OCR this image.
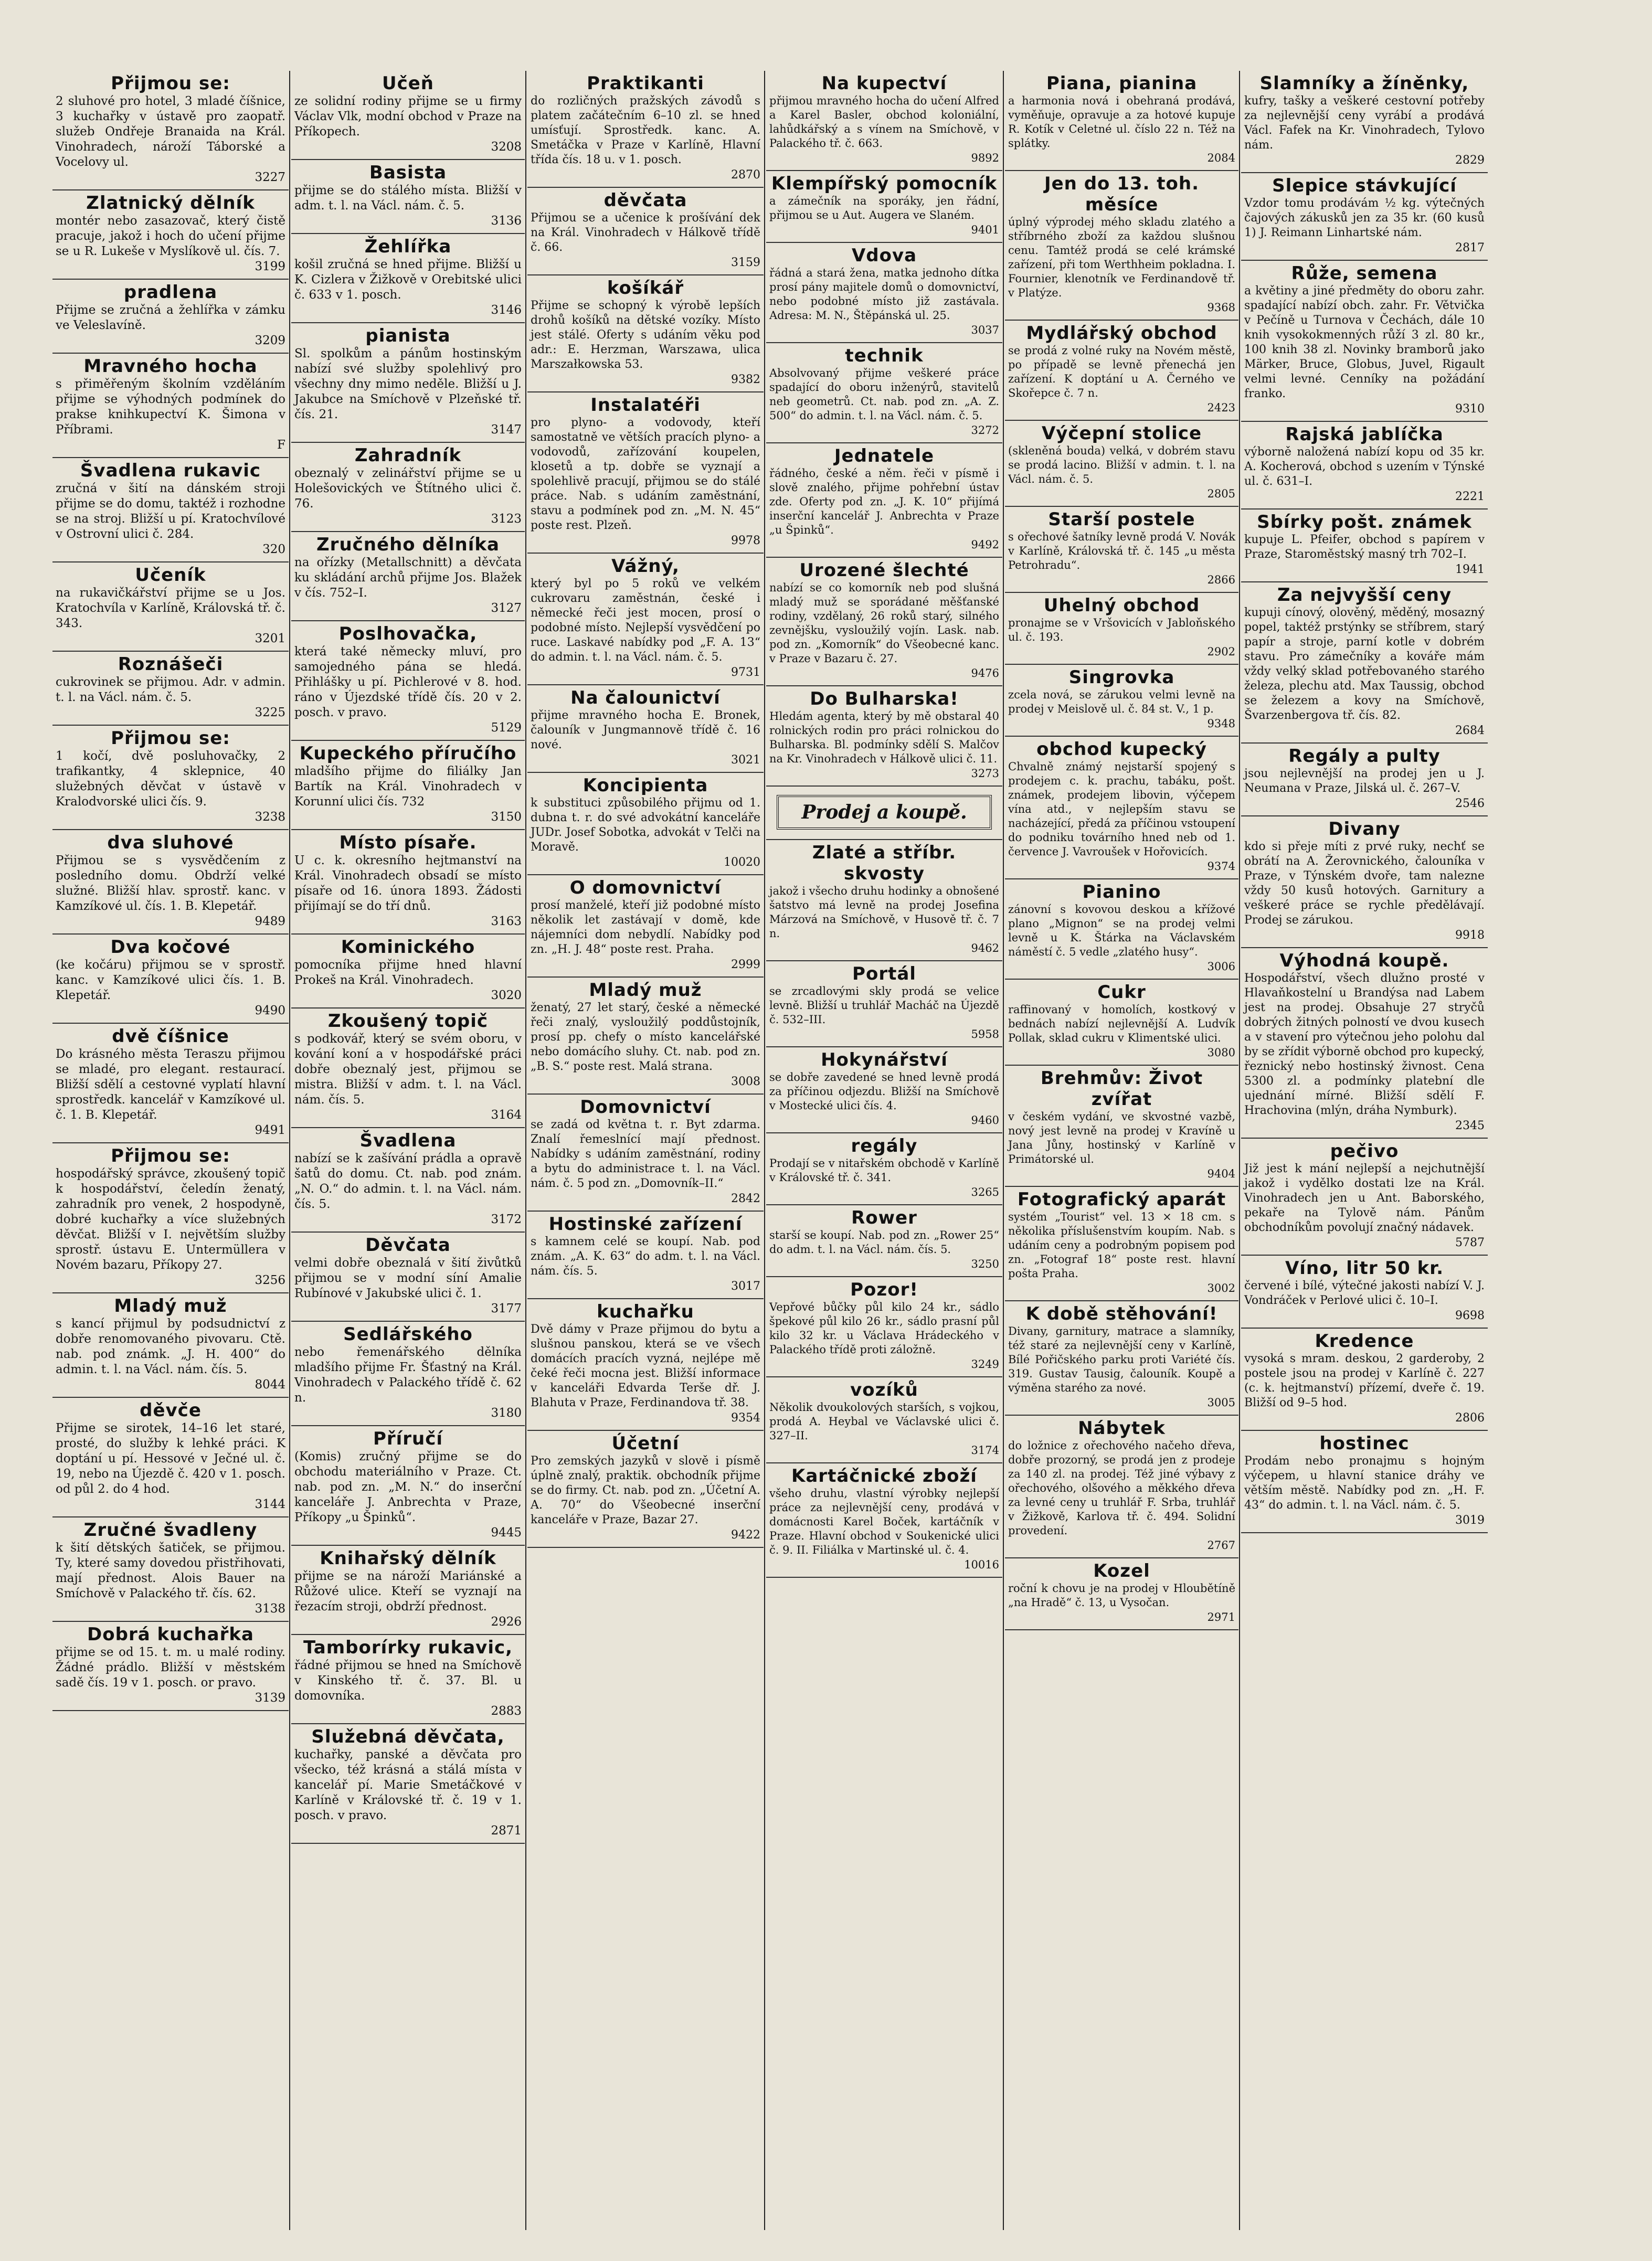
Přijmou se:

2 sluhové pro hotel, 3 mladé číšnice, 3 kuchařky v ústavě pro zaopatř. služeb Ondřeje Branaida na Král. Vinohradech, nároží Táborské a Vocelovy ul.

3227
Zlatnický dělník

montér nebo zasazovač, který čistě pracuje, jakož i hoch do učení přijme se u R. Lukeše v Myslíkově ul. čís. 7.

3199
pradlena

Přijme se zručná a žehlířka v zámku ve Veleslavíně.

3209
Mravného hocha

s přiměřeným školním vzděláním přijme se výhodných podmínek do prakse knihkupectví K. Šimona v Příbrami.

F
Švadlena rukavic

zručná v šití na dánském stroji přijme se do domu, taktéž i rozhodne se na stroj. Bližší u pí. Kratochvílové v Ostrovní ulici č. 284.

320
Učeník

na rukavičkářství přijme se u Jos. Kratochvíla v Karlíně, Královská tř. č. 343.

3201
Roznášeči

cukrovinek se přijmou. Adr. v admin. t. l. na Václ. nám. č. 5.

3225
Přijmou se:

1 kočí, dvě posluhovačky, 2 trafikantky, 4 sklepnice, 40 služebných děvčat v ústavě v Kralodvorské ulici čís. 9.

3238
dva sluhové

Přijmou se s vysvědčením z posledního domu. Obdrží velké služné. Bližší hlav. sprostř. kanc. v Kamzíkové ul. čís. 1. B. Klepetář.

9489
Dva kočové

(ke kočáru) přijmou se v sprostř. kanc. v Kamzíkové ulici čís. 1. B. Klepetář.

9490
dvě číšnice

Do krásného města Teraszu přijmou se mladé, pro elegant. restaurací. Bližší sdělí a cestovné vyplatí hlavní sprostředk. kancelář v Kamzíkové ul. č. 1. B. Klepetář.

9491
Přijmou se:

hospodářský správce, zkoušený topič k hospodářství, čeledín ženatý, zahradník pro venek, 2 hospodyně, dobré kuchařky a více služebných děvčat. Bližší v I. největším služby sprostř. ústavu E. Untermüllera v Novém bazaru, Příkopy 27.

3256
Mladý muž

s kancí přijmul by podsudnictví z dobře renomovaného pivovaru. Ctě. nab. pod známk. „J. H. 400“ do admin. t. l. na Václ. nám. čís. 5.

8044
děvče

Přijme se sirotek, 14–16 let staré, prosté, do služby k lehké práci. K doptání u pí. Hessové v Ječné ul. č. 19, nebo na Újezdě č. 420 v 1. posch. od půl 2. do 4 hod.

3144
Zručné švadleny

k šití dětských šatiček, se přijmou. Ty, které samy dovedou přistřihovati, mají přednost. Alois Bauer na Smíchově v Palackého tř. čís. 62.

3138
Dobrá kuchařka

přijme se od 15. t. m. u malé rodiny. Žádné prádlo. Bližší v městském sadě čís. 19 v 1. posch. or pravo.

3139
Učeň

ze solidní rodiny přijme se u firmy Václav Vlk, modní obchod v Praze na Příkopech.

3208
Basista

přijme se do stálého místa. Bližší v adm. t. l. na Václ. nám. č. 5.

3136
Žehlířka

košil zručná se hned přijme. Bližší u K. Cizlera v Žižkově v Orebitské ulici č. 633 v 1. posch.

3146
pianista

Sl. spolkům a pánům hostinským nabízí své služby spolehlivý pro všechny dny mimo neděle. Bližší u J. Jakubce na Smíchově v Plzeňské tř. čís. 21.

3147
Zahradník

obeznalý v zelinářství přijme se u Holešovických ve Štítného ulici č. 76.

3123
Zručného dělníka

na ořízky (Metallschnitt) a děvčata ku skládání archů přijme Jos. Blažek v čís. 752–I.

3127
Poslhovačka,

která také německy mluví, pro samojedného pána se hledá. Přihlášky u pí. Pichlerové v 8. hod. ráno v Újezdské třídě čís. 20 v 2. posch. v pravo.

5129
Kupeckého příručího

mladšího přijme do filiálky Jan Bartík na Král. Vinohradech v Korunní ulici čís. 732

3150
Místo písaře.

U c. k. okresního hejtmanství na Král. Vinohradech obsadí se místo písaře od 16. února 1893. Žádosti přijímají se do tří dnů.

3163
Kominického

pomocníka přijme hned hlavní Prokeš na Král. Vinohradech.

3020
Zkoušený topič

s podkovář, který se svém oboru, v kování koní a v hospodářské práci dobře obeznalý jest, přijmou se mistra. Bližší v adm. t. l. na Václ. nám. čís. 5.

3164
Švadlena

nabízí se k zašívání prádla a opravě šatů do domu. Ct. nab. pod znám. „N. O.“ do admin. t. l. na Václ. nám. čís. 5.

3172
Děvčata

velmi dobře obeznalá v šití živůtků přijmou se v modní síní Amalie Rubínové v Jakubské ulici č. 1.

3177
Sedlářského

nebo řemenářského dělníka mladšího přijme Fr. Šťastný na Král. Vinohradech v Palackého třídě č. 62 n.

3180
Příručí

(Komis) zručný přijme se do obchodu materiálního v Praze. Ct. nab. pod zn. „M. N.“ do inserční kanceláře J. Anbrechta v Praze, Příkopy „u Špinků“.

9445
Knihařský dělník

přijme se na nároží Mariánské a Růžové ulice. Kteří se vyznají na řezacím stroji, obdrží přednost.

2926
Tamborírky rukavic,

řádné přijmou se hned na Smíchově v Kinského tř. č. 37. Bl. u domovníka.

2883
Služebná děvčata,

kuchařky, panské a děvčata pro všecko, též krásná a stálá místa v kancelář pí. Marie Smetáčkové v Karlíně v Královské tř. č. 19 v 1. posch. v pravo.

2871
Praktikanti

do rozličných pražských závodů s platem začátečním 6–10 zl. se hned umísťují. Sprostředk. kanc. A. Smetáčka v Praze v Karlíně, Hlavní třída čís. 18 u. v 1. posch.

2870
děvčata

Přijmou se a učenice k prošívání dek na Král. Vinohradech v Hálkově třídě č. 66.

3159
košíkář

Přijme se schopný k výrobě lepších drohů košíků na dětské vozíky. Místo jest stálé. Oferty s udáním věku pod adr.: E. Herzman, Warszawa, ulica Marszałkowska 53.

9382
Instalatéři

pro plyno- a vodovody, kteří samostatně ve větších pracích plyno- a vodovodů, zařízování koupelen, klosetů a tp. dobře se vyznají a spolehlivě pracují, přijmou se do stálé práce. Nab. s udáním zaměstnání, stavu a podmínek pod zn. „M. N. 45“ poste rest. Plzeň.

9978
Vážný,

který byl po 5 roků ve velkém cukrovaru zaměstnán, české i německé řeči jest mocen, prosí o podobné místo. Nejlepší vysvědčení po ruce. Laskavé nabídky pod „F. A. 13“ do admin. t. l. na Václ. nám. č. 5.

9731
Na čalounictví

přijme mravného hocha E. Bronek, čalouník v Jungmannově třídě č. 16 nové.

3021
Koncipienta

k substituci způsobilého přijmu od 1. dubna t. r. do své advokátní kanceláře JUDr. Josef Sobotka, advokát v Telči na Moravě.

10020
O domovnictví

prosí manželé, kteří již podobné místo několik let zastávají v domě, kde nájemníci dom nebydlí. Nabídky pod zn. „H. J. 48“ poste rest. Praha.

2999
Mladý muž

ženatý, 27 let starý, české a německé řeči znalý, vysloužilý poddůstojník, prosí pp. chefy o místo kancelářské nebo domácího sluhy. Ct. nab. pod zn. „B. S.“ poste rest. Malá strana.

3008
Domovnictví

se zadá od května t. r. Byt zdarma. Znalí řemeslnící mají přednost. Nabídky s udáním zaměstnání, rodiny a bytu do administrace t. l. na Václ. nám. č. 5 pod zn. „Domovník–II.“

2842
Hostinské zařízení

s kamnem celé se koupí. Nab. pod znám. „A. K. 63“ do adm. t. l. na Václ. nám. čís. 5.

3017
kuchařku

Dvě dámy v Praze přijmou do bytu a slušnou panskou, která se ve všech domácích pracích vyzná, nejlépe mě čeké řeči mocna jest. Bližší informace v kanceláři Edvarda Terše dř. J. Blahuta v Praze, Ferdinandova tř. 38.

9354
Účetní

Pro zemských jazyků v slově i písmě úplně znalý, praktik. obchodník přijme se do firmy. Ct. nab. pod zn. „Účetní A. A. 70“ do Všeobecné inserční kanceláře v Praze, Bazar 27.

9422
Na kupectví

přijmou mravného hocha do učení Alfred a Karel Basler, obchod koloniální, lahůdkářský a s vínem na Smíchově, v Palackého tř. č. 663.

9892
Klempířský pomocník

a zámečník na sporáky, jen řádní, přijmou se u Aut. Augera ve Slaném.

9401
Vdova

řádná a stará žena, matka jednoho dítka prosí pány majitele domů o domovnictví, nebo podobné místo již zastávala. Adresa: M. N., Štěpánská ul. 25.

3037
technik

Absolvovaný přijme veškeré práce spadající do oboru inženýrů, stavitelů neb geometrů. Ct. nab. pod zn. „A. Z. 500“ do admin. t. l. na Václ. nám. č. 5.

3272
Jednatele

řádného, české a něm. řeči v písmě i slově znalého, přijme pohřební ústav zde. Oferty pod zn. „J. K. 10“ přijímá inserční kancelář J. Anbrechta v Praze „u Špinků“.

9492
Urozené šlechté

nabízí se co komorník neb pod slušná mladý muž se sporádané měšťanské rodiny, vzdělaný, 26 roků starý, silného zevnějšku, vysloužilý vojín. Lask. nab. pod zn. „Komorník“ do Všeobecné kanc. v Praze v Bazaru č. 27.

9476
Do Bulharska!

Hledám agenta, který by mě obstaral 40 rolnických rodin pro práci rolnickou do Bulharska. Bl. podmínky sdělí S. Malčov na Kr. Vinohradech v Hálkově ulici č. 11.

3273
Prodej a koupě.
Zlaté a stříbr. skvosty

jakož i všecho druhu hodinky a obnošené šatstvo má levně na prodej Josefina Márzová na Smíchově, v Husově tř. č. 7 n.

9462
Portál

se zrcadlovými skly prodá se velice levně. Bližší u truhlář Macháč na Újezdě č. 532–III.

5958
Hokynářství

se dobře zavedené se hned levně prodá za příčinou odjezdu. Bližší na Smíchově v Mostecké ulici čís. 4.

9460
regály

Prodají se v nitařském obchodě v Karlíně v Královské tř. č. 341.

3265
Rower

starší se koupí. Nab. pod zn. „Rower 25“ do adm. t. l. na Václ. nám. čís. 5.

3250
Pozor!

Vepřové bůčky půl kilo 24 kr., sádlo špekové půl kilo 26 kr., sádlo prasní půl kilo 32 kr. u Václava Hrádeckého v Palackého třídě proti záložně.

3249
vozíků

Několik dvoukolových starších, s vojkou, prodá A. Heybal ve Václavské ulici č. 327–II.

3174
Kartáčnické zboží

všeho druhu, vlastní výrobky nejlepší práce za nejlevnější ceny, prodává v domácnosti Karel Boček, kartáčník v Praze. Hlavní obchod v Soukenické ulici č. 9. II. Filiálka v Martinské ul. č. 4.

10016
Piana, pianina

a harmonia nová i obehraná prodává, vyměňuje, opravuje a za hotové kupuje R. Kotík v Celetné ul. číslo 22 n. Též na splátky.

2084
Jen do 13. toh. měsíce

úplný výprodej mého skladu zlatého a stříbrného zboží za každou slušnou cenu. Tamtéž prodá se celé krámské zařízení, při tom Werthheim pokladna. I. Fournier, klenotník ve Ferdinandově tř. v Platýze.

9368
Mydlářský obchod

se prodá z volné ruky na Novém městě, po případě se levně přenechá jen zařízení. K doptání u A. Černého ve Skořepce č. 7 n.

2423
Výčepní stolice

(skleněná bouda) velká, v dobrém stavu se prodá lacino. Bližší v admin. t. l. na Václ. nám. č. 5.

2805
Starší postele

s ořechové šatníky levně prodá V. Novák v Karlíně, Královská tř. č. 145 „u města Petrohradu“.

2866
Uhelný obchod

pronajme se v Vršovicích v Jabloňského ul. č. 193.

2902
Singrovka

zcela nová, se zárukou velmi levně na prodej v Meislově ul. č. 84 st. V., 1 p.

9348
obchod kupecký

Chvalně známý nejstarší spojený s prodejem c. k. prachu, tabáku, pošt. známek, prodejem libovin, výčepem vína atd., v nejlepším stavu se nacházející, předá za příčinou vstoupení do podniku továrního hned neb od 1. července J. Vavroušek v Hořovicích.

9374
Pianino

zánovní s kovovou deskou a křížové plano „Mignon“ se na prodej velmi levně u K. Štárka na Václavském náměstí č. 5 vedle „zlatého husy“.

3006
Cukr

raffinovaný v homolích, kostkový v bednách nabízí nejlevnější A. Ludvík Pollak, sklad cukru v Klimentské ulici.

3080
Brehmův: Život zvířat

v českém vydání, ve skvostné vazbě, nový jest levně na prodej v Kravíně u Jana Jůny, hostinský v Karlíně v Primátorské ul.

9404
Fotografický aparát

systém „Tourist“ vel. 13 × 18 cm. s několika příslušenstvím koupím. Nab. s udáním ceny a podrobným popisem pod zn. „Fotograf 18“ poste rest. hlavní pošta Praha.

3002
K době stěhování!

Divany, garnitury, matrace a slamníky, též staré za nejlevnější ceny v Karlíně, Bílé Pořičského parku proti Variété čís. 319. Gustav Tausig, čalouník. Koupě a výměna starého za nové.

3005
Nábytek

do ložnice z ořechového načeho dřeva, dobře prozorný, se prodá jen z prodeje za 140 zl. na prodej. Též jiné výbavy z ořechového, olšového a měkkého dřeva za levné ceny u truhlář F. Srba, truhlář v Žižkově, Karlova tř. č. 494. Solidní provedení.

2767
Kozel

roční k chovu je na prodej v Hloubětíně „na Hradě“ č. 13, u Vysočan.

2971
Slamníky a žíněnky,

kufry, tašky a veškeré cestovní potřeby za nejlevnější ceny vyrábí a prodává Václ. Fafek na Kr. Vinohradech, Tylovo nám.

2829
Slepice stávkující

Vzdor tomu prodávám ½ kg. výtečných čajových zákusků jen za 35 kr. (60 kusů 1) J. Reimann Linhartské nám.

2817
Růže, semena

a květiny a jiné předměty do oboru zahr. spadající nabízí obch. zahr. Fr. Větvička v Pečíně u Turnova v Čechách, dále 10 knih vysokokmenných růží 3 zl. 80 kr., 100 knih 38 zl. Novinky bramborů jako Märker, Bruce, Globus, Juvel, Rigault velmi levné. Cenníky na požádání franko.

9310
Rajská jablíčka

výborně naložená nabízí kopu od 35 kr. A. Kocherová, obchod s uzením v Týnské ul. č. 631–I.

2221
Sbírky pošt. známek

kupuje L. Pfeifer, obchod s papírem v Praze, Staroměstský masný trh 702–I.

1941
Za nejvyšší ceny

kupuji cínový, olověný, měděný, mosazný popel, taktéž prstýnky se stříbrem, starý papír a stroje, parní kotle v dobrém stavu. Pro zámečníky a kováře mám vždy velký sklad potřebovaného starého železa, plechu atd. Max Taussig, obchod se železem a kovy na Smíchově, Švarzenbergova tř. čís. 82.

2684
Regály a pulty

jsou nejlevnější na prodej jen u J. Neumana v Praze, Jilská ul. č. 267–V.

2546
Divany

kdo si přeje míti z prvé ruky, nechť se obrátí na A. Žerovnického, čalouníka v Praze, v Týnském dvoře, tam nalezne vždy 50 kusů hotových. Garnitury a veškeré práce se rychle předělávají. Prodej se zárukou.

9918
Výhodná koupě.

Hospodářství, všech dlužno prosté v Hlavaňkostelní u Brandýsa nad Labem jest na prodej. Obsahuje 27 stryčů dobrých žitných polností ve dvou kusech a v stavení pro výtečnou jeho polohu dal by se zřídit výborně obchod pro kupecký, řeznický nebo hostinský živnost. Cena 5300 zl. a podmínky platební dle ujednání mírné. Bližší sdělí F. Hrachovina (mlýn, dráha Nymburk).

2345
pečivo

Již jest k mání nejlepší a nejchutnější jakož i vydělko dostati lze na Král. Vinohradech jen u Ant. Baborského, pekaře na Tylově nám. Pánům obchodníkům povolují značný nádavek.

5787
Víno, litr 50 kr.

červené i bílé, výtečné jakosti nabízí V. J. Vondráček v Perlové ulici č. 10–I.

9698
Kredence

vysoká s mram. deskou, 2 garderoby, 2 postele jsou na prodej v Karlíně č. 227 (c. k. hejtmanství) přízemí, dveře č. 19. Bližší od 9–5 hod.

2806
hostinec

Prodám nebo pronajmu s hojným výčepem, u hlavní stanice dráhy ve větším městě. Nabídky pod zn. „H. F. 43“ do admin. t. l. na Václ. nám. č. 5.

3019
